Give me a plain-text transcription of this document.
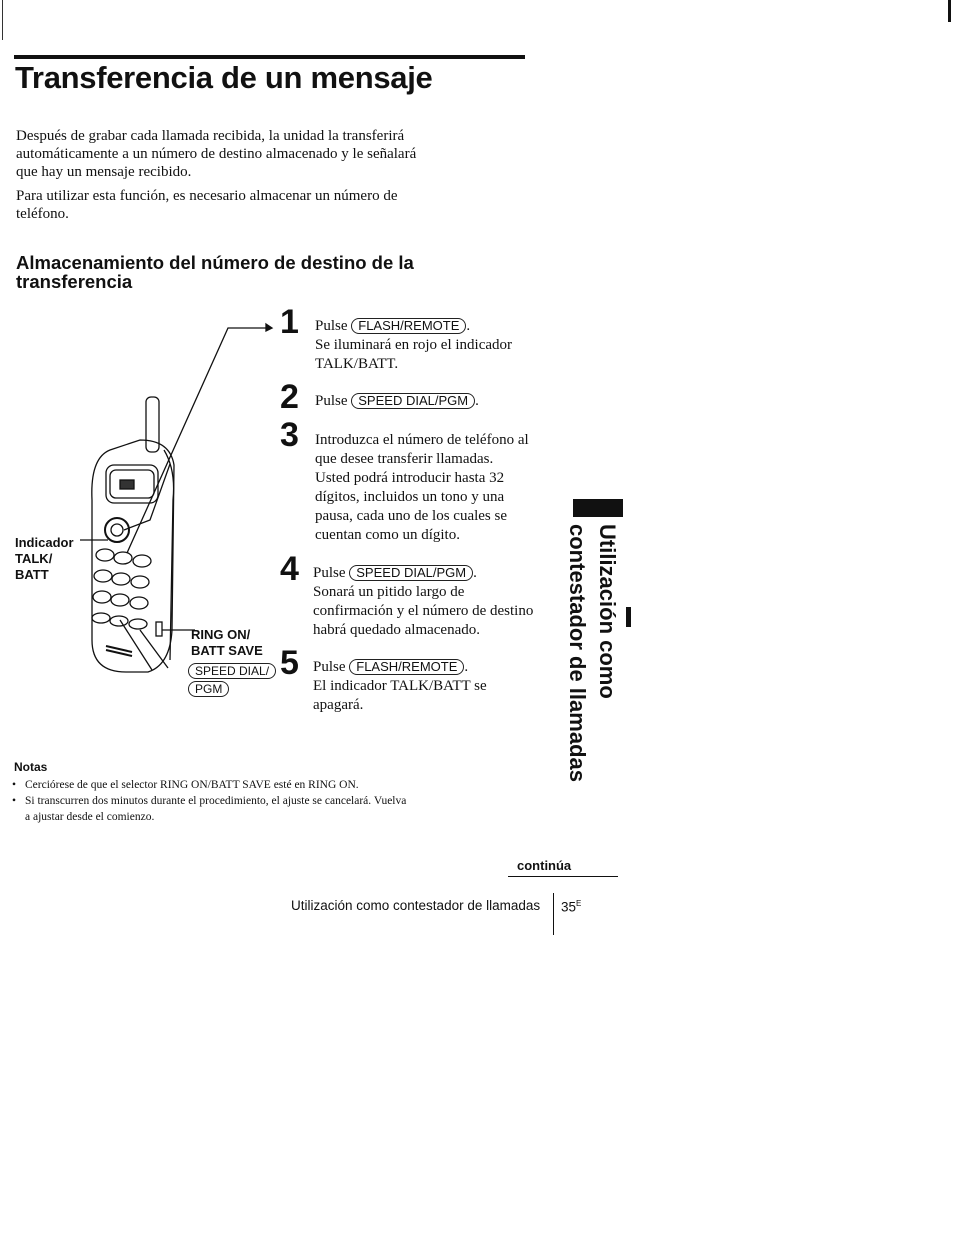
Transferencia de un mensaje
Después de grabar cada llamada recibida, la unidad la transferirá
automáticamente a un número de destino almacenado y le señalará
que hay un mensaje recibido.
Para utilizar esta función, es necesario almacenar un número de
teléfono.
Almacenamiento del número de destino de la
transferencia
Indicador
TALK/
BATT
RING ON/
BATT SAVE
SPEED DIAL/
PGM
1 Pulse FLASH/REMOTE .
Se iluminará en rojo el indicador
TALK/BATT.
2 Pulse SPEED DIAL/PGM .
3 Introduzca el número de teléfono al
que desee transferir llamadas.
Usted podrá introducir hasta 32
dígitos, incluidos un tono y una
pausa, cada uno de los cuales se
cuentan como un dígito.
4 Pulse SPEED DIAL/PGM .
Sonará un pitido largo de
confirmación y el número de destino
habrá quedado almacenado.
5 Pulse FLASH/REMOTE .
El indicador TALK/BATT se
apagará.
Notas
• Cerciórese de que el selector RING ON/BATT SAVE esté en RING ON.
• Si transcurren dos minutos durante el procedimiento, el ajuste se cancelará. Vuelva
a ajustar desde el comienzo.
Utilización como
contestador de llamadas
continúa
Utilización como contestador de llamadas $35^E$
